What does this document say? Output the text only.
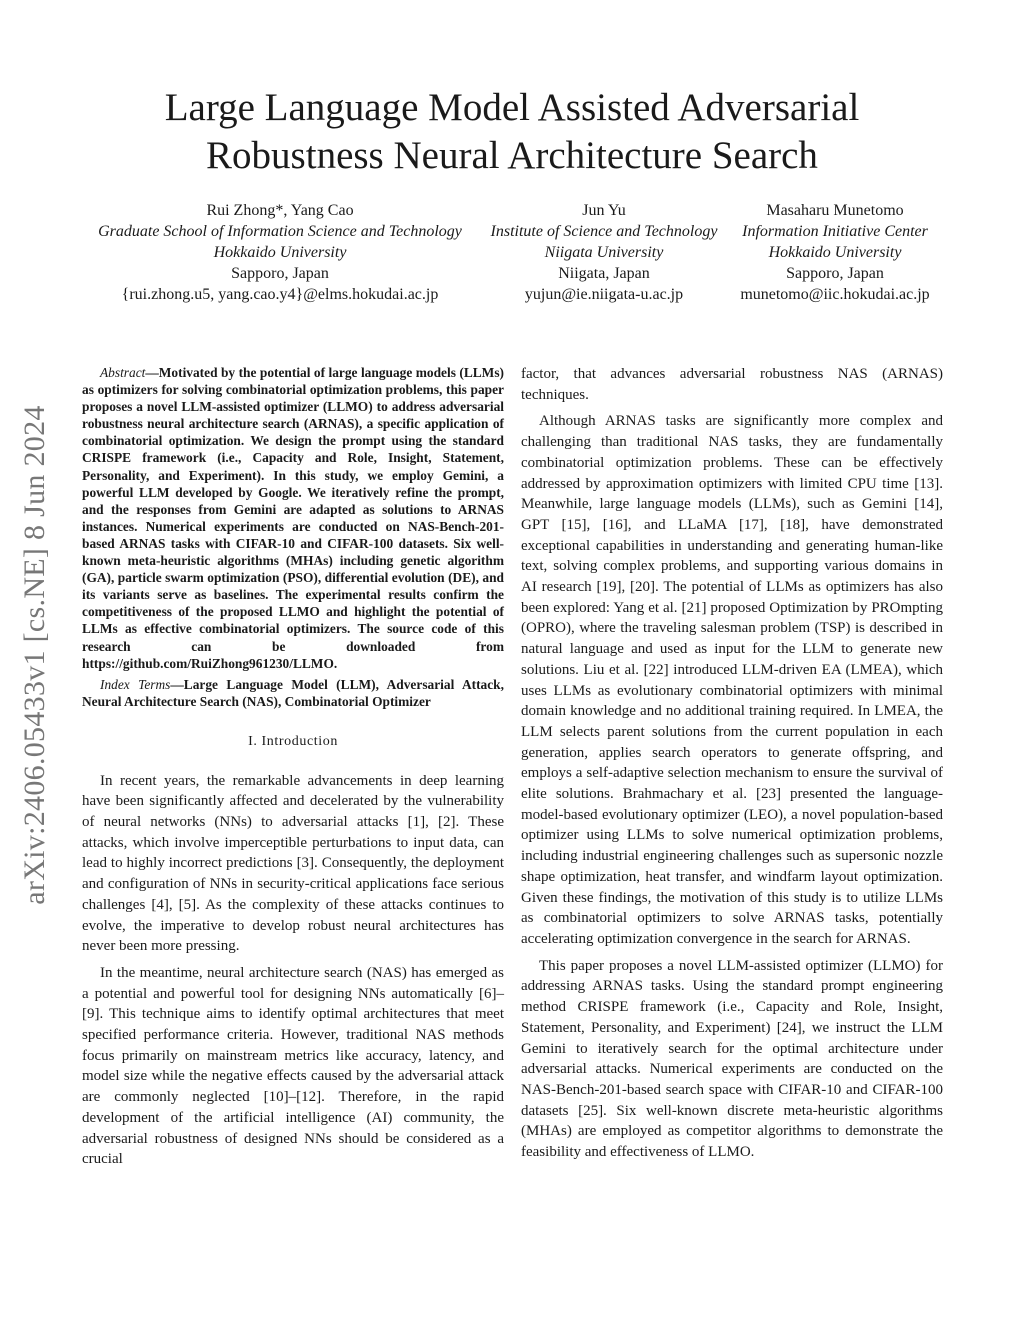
Large Language Model Assisted Adversarial
Robustness Neural Architecture Search
Rui Zhong*, Yang Cao
Graduate School of Information Science and Technology
Hokkaido University
Sapporo, Japan
{rui.zhong.u5, yang.cao.y4}@elms.hokudai.ac.jp
Jun Yu
Institute of Science and Technology
Niigata University
Niigata, Japan
yujun@ie.niigata-u.ac.jp
Masaharu Munetomo
Information Initiative Center
Hokkaido University
Sapporo, Japan
munetomo@iic.hokudai.ac.jp
arXiv:2406.05433v1 [cs.NE] 8 Jun 2024

Abstract—Motivated by the potential of large language models (LLMs) as optimizers for solving combinatorial optimization problems, this paper proposes a novel LLM-assisted optimizer (LLMO) to address adversarial robustness neural architecture search (ARNAS), a specific application of combinatorial optimization. We design the prompt using the standard CRISPE framework (i.e., Capacity and Role, Insight, Statement, Personality, and Experiment). In this study, we employ Gemini, a powerful LLM developed by Google. We iteratively refine the prompt, and the responses from Gemini are adapted as solutions to ARNAS instances. Numerical experiments are conducted on NAS-Bench-201-based ARNAS tasks with CIFAR-10 and CIFAR-100 datasets. Six well-known meta-heuristic algorithms (MHAs) including genetic algorithm (GA), particle swarm optimization (PSO), differential evolution (DE), and its variants serve as baselines. The experimental results confirm the competitiveness of the proposed LLMO and highlight the potential of LLMs as effective combinatorial optimizers. The source code of this research can be downloaded from https://github.com/RuiZhong961230/LLMO.

Index Terms—Large Language Model (LLM), Adversarial Attack, Neural Architecture Search (NAS), Combinatorial Optimizer

I. Introduction

In recent years, the remarkable advancements in deep learning have been significantly affected and decelerated by the vulnerability of neural networks (NNs) to adversarial attacks [1], [2]. These attacks, which involve imperceptible perturbations to input data, can lead to highly incorrect predictions [3]. Consequently, the deployment and configuration of NNs in security-critical applications face serious challenges [4], [5]. As the complexity of these attacks continues to evolve, the imperative to develop robust neural architectures has never been more pressing.

In the meantime, neural architecture search (NAS) has emerged as a potential and powerful tool for designing NNs automatically [6]–[9]. This technique aims to identify optimal architectures that meet specified performance criteria. However, traditional NAS methods focus primarily on mainstream metrics like accuracy, latency, and model size while the negative effects caused by the adversarial attack are commonly neglected [10]–[12]. Therefore, in the rapid development of the artificial intelligence (AI) community, the adversarial robustness of designed NNs should be considered as a crucial

factor, that advances adversarial robustness NAS (ARNAS) techniques.

Although ARNAS tasks are significantly more complex and challenging than traditional NAS tasks, they are fundamentally combinatorial optimization problems. These can be effectively addressed by approximation optimizers with limited CPU time [13]. Meanwhile, large language models (LLMs), such as Gemini [14], GPT [15], [16], and LLaMA [17], [18], have demonstrated exceptional capabilities in understanding and generating human-like text, solving complex problems, and supporting various domains in AI research [19], [20]. The potential of LLMs as optimizers has also been explored: Yang et al. [21] proposed Optimization by PROmpting (OPRO), where the traveling salesman problem (TSP) is described in natural language and used as input for the LLM to generate new solutions. Liu et al. [22] introduced LLM-driven EA (LMEA), which uses LLMs as evolutionary combinatorial optimizers with minimal domain knowledge and no additional training required. In LMEA, the LLM selects parent solutions from the current population in each generation, applies search operators to generate offspring, and employs a self-adaptive selection mechanism to ensure the survival of elite solutions. Brahmachary et al. [23] presented the language-model-based evolutionary optimizer (LEO), a novel population-based optimizer using LLMs to solve numerical optimization problems, including industrial engineering challenges such as supersonic nozzle shape optimization, heat transfer, and windfarm layout optimization. Given these findings, the motivation of this study is to utilize LLMs as combinatorial optimizers to solve ARNAS tasks, potentially accelerating optimization convergence in the search for ARNAS.

This paper proposes a novel LLM-assisted optimizer (LLMO) for addressing ARNAS tasks. Using the standard prompt engineering method CRISPE framework (i.e., Capacity and Role, Insight, Statement, Personality, and Experiment) [24], we instruct the LLM Gemini to iteratively search for the optimal architecture under adversarial attacks. Numerical experiments are conducted on the NAS-Bench-201-based search space with CIFAR-10 and CIFAR-100 datasets [25]. Six well-known discrete meta-heuristic algorithms (MHAs) are employed as competitor algorithms to demonstrate the feasibility and effectiveness of LLMO.
